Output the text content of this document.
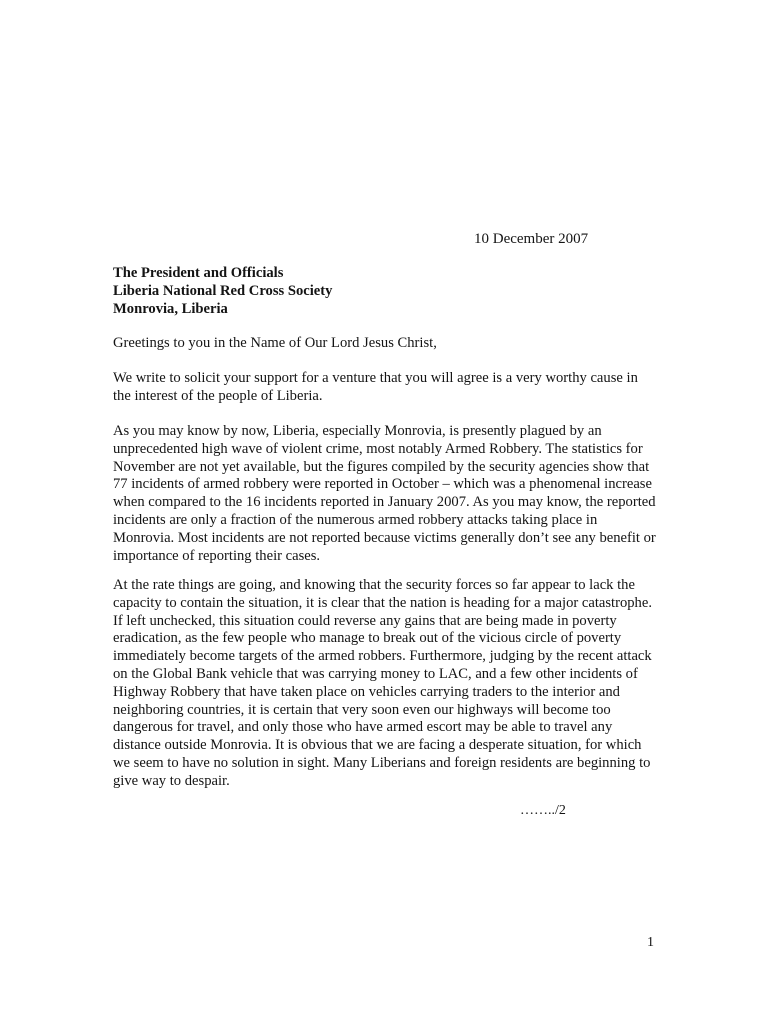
10 December 2007
The President and Officials
Liberia National Red Cross Society
Monrovia, Liberia
Greetings to you in the Name of Our Lord Jesus Christ,
We write to solicit your support for a venture that you will agree is a very worthy cause in the interest of the people of Liberia.
As you may know by now, Liberia, especially Monrovia, is presently plagued by an unprecedented high wave of violent crime, most notably Armed Robbery. The statistics for November are not yet available, but the figures compiled by the security agencies show that 77 incidents of armed robbery were reported in October – which was a phenomenal increase when compared to the 16 incidents reported in January 2007. As you may know, the reported incidents are only a fraction of the numerous armed robbery attacks taking place in Monrovia. Most incidents are not reported because victims generally don’t see any benefit or importance of reporting their cases.
At the rate things are going, and knowing that the security forces so far appear to lack the capacity to contain the situation, it is clear that the nation is heading for a major catastrophe. If left unchecked, this situation could reverse any gains that are being made in poverty eradication, as the few people who manage to break out of the vicious circle of poverty immediately become targets of the armed robbers. Furthermore, judging by the recent attack on the Global Bank vehicle that was carrying money to LAC, and a few other incidents of Highway Robbery that have taken place on vehicles carrying traders to the interior and neighboring countries, it is certain that very soon even our highways will become too dangerous for travel, and only those who have armed escort may be able to travel any distance outside Monrovia. It is obvious that we are facing a desperate situation, for which we seem to have no solution in sight. Many Liberians and foreign residents are beginning to give way to despair.
……../2
1
